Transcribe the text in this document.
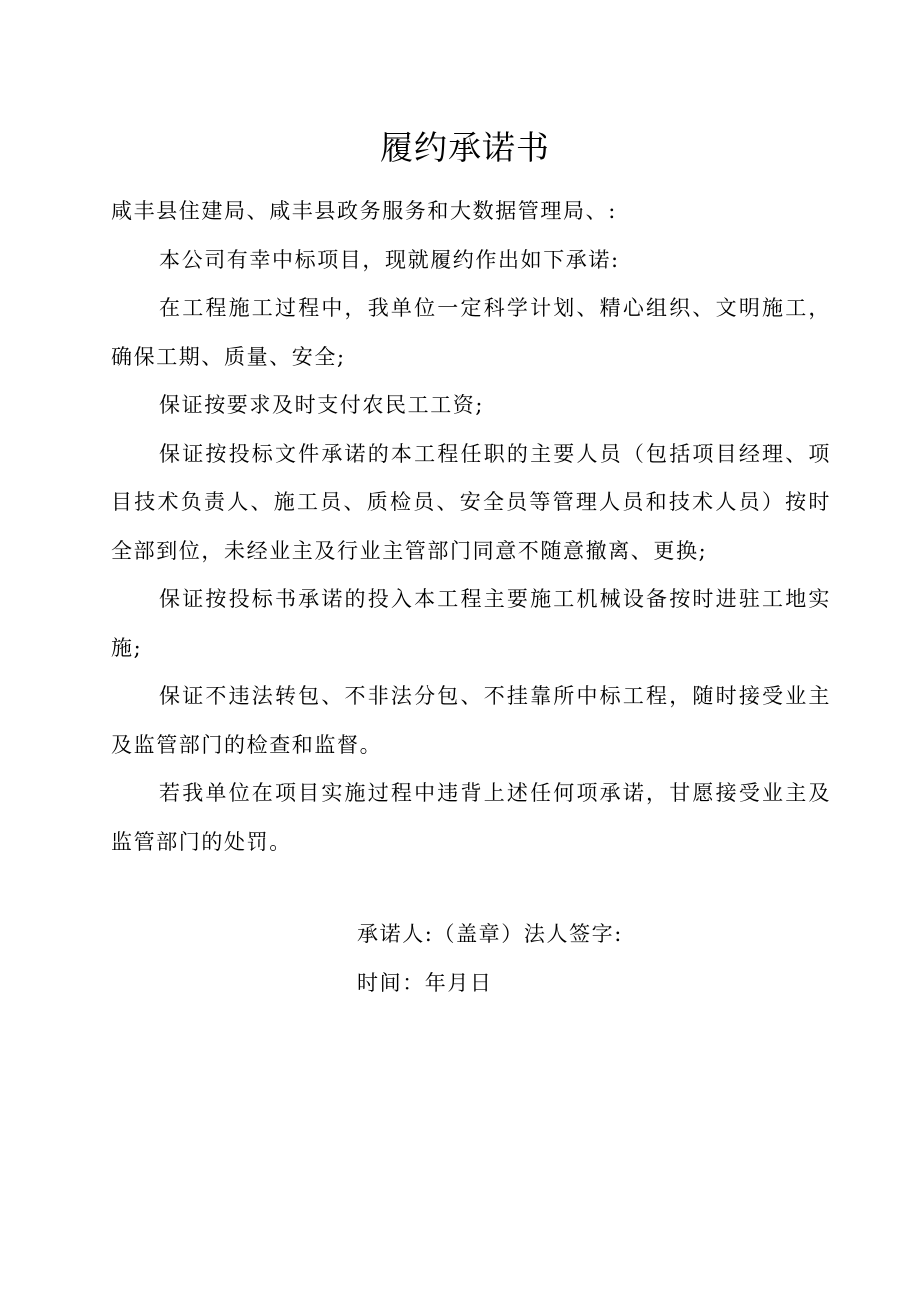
履约承诺书

咸丰县住建局、咸丰县政务服务和大数据管理局、:

本公司有幸中标项目，现就履约作出如下承诺:

在工程施工过程中，我单位一定科学计划、精心组织、文明施工，确保工期、质量、安全;

保证按要求及时支付农民工工资;

保证按投标文件承诺的本工程任职的主要人员（包括项目经理、项目技术负责人、施工员、质检员、安全员等管理人员和技术人员）按时全部到位，未经业主及行业主管部门同意不随意撤离、更换;

保证按投标书承诺的投入本工程主要施工机械设备按时进驻工地实施;

保证不违法转包、不非法分包、不挂靠所中标工程，随时接受业主及监管部门的检查和监督。

若我单位在项目实施过程中违背上述任何项承诺，甘愿接受业主及监管部门的处罚。

承诺人:（盖章）法人签字:
时间：年月日
